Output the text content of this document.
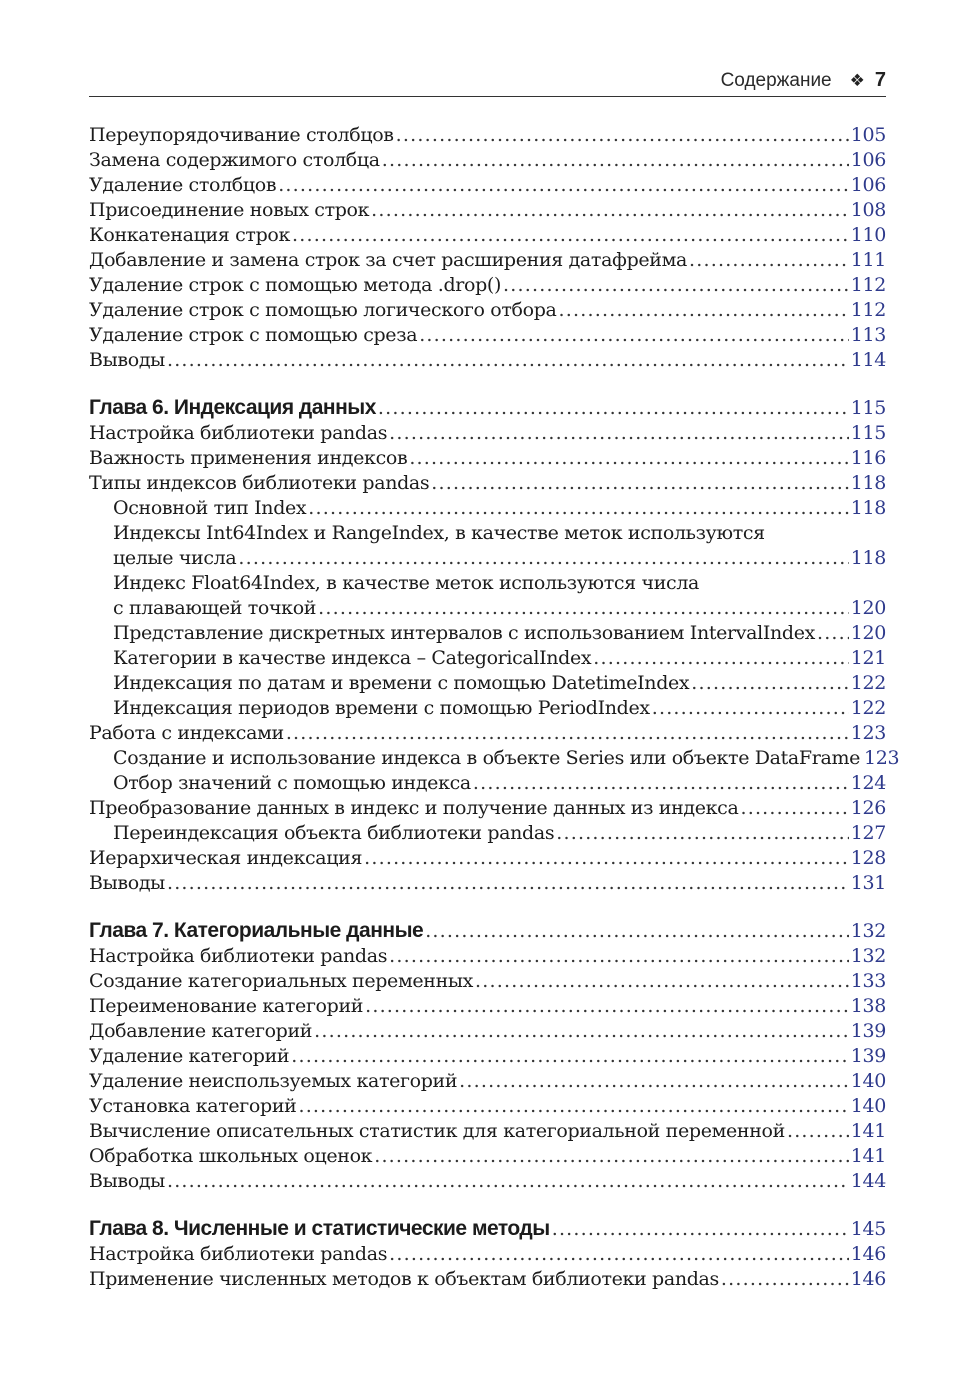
Содержание ❖ 7
Переупорядочивание столбцов .....	105
Замена содержимого столбца .....	106
Удаление столбцов .....	106
Присоединение новых строк .....	108
Конкатенация строк .....	110
Добавление и замена строк за счет расширения датафрейма .....	111
Удаление строк с помощью метода .drop() .....	112
Удаление строк с помощью логического отбора .....	112
Удаление строк с помощью среза .....	113
Выводы .....	114
Глава 6. Индексация данных .....	115
Настройка библиотеки pandas .....	115
Важность применения индексов .....	116
Типы индексов библиотеки pandas .....	118
Основной тип Index .....	118
Индексы Int64Index и RangeIndex, в качестве меток используются
целые числа .....	118
Индекс Float64Index, в качестве меток используются числа
с плавающей точкой .....	120
Представление дискретных интервалов с использованием IntervalIndex ..... 120
Категории в качестве индекса – CategoricalIndex .....	121
Индексация по датам и времени с помощью DatetimeIndex .....	122
Индексация периодов времени с помощью PeriodIndex .....	122
Работа с индексами .....	123
Создание и использование индекса в объекте Series или объекте DataFrame 123
Отбор значений с помощью индекса .....	124
Преобразование данных в индекс и получение данных из индекса .....	126
Переиндексация объекта библиотеки pandas .....	127
Иерархическая индексация .....	128
Выводы .....	131
Глава 7. Категориальные данные .....	132
Настройка библиотеки pandas .....	132
Создание категориальных переменных .....	133
Переименование категорий .....	138
Добавление категорий .....	139
Удаление категорий .....	139
Удаление неиспользуемых категорий .....	140
Установка категорий .....	140
Вычисление описательных статистик для категориальной переменной .....	141
Обработка школьных оценок .....	141
Выводы .....	144
Глава 8. Численные и статистические методы .....	145
Настройка библиотеки pandas .....	146
Применение численных методов к объектам библиотеки pandas .....	146
